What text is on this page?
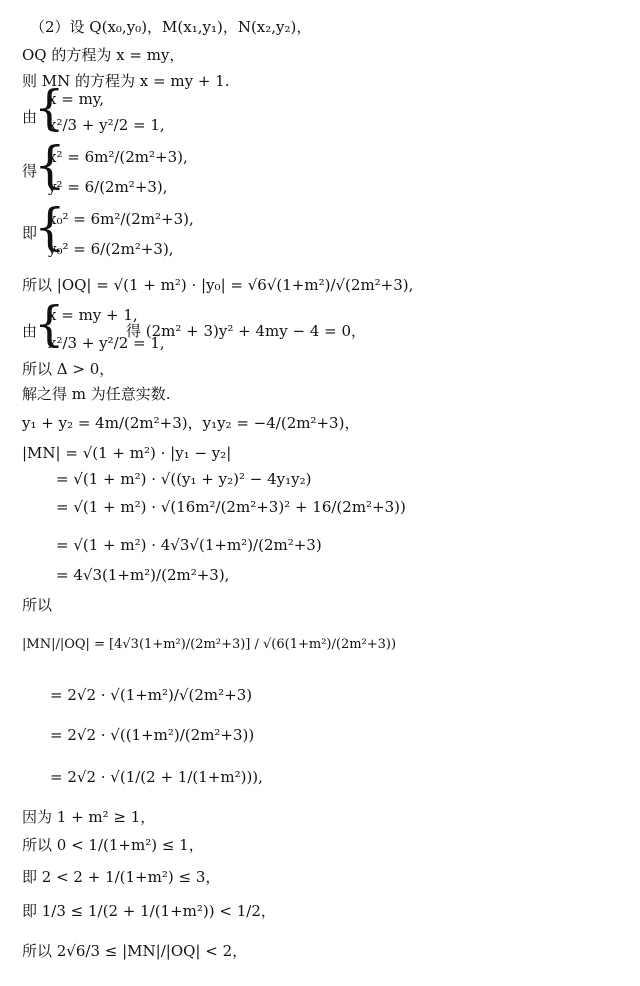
（2）设 Q(x₀,y₀)，M(x₁,y₁)，N(x₂,y₂)，
OQ 的方程为 x = my，
则 MN 的方程为 x = my + 1.
由
{
x = my,
x²/3 + y²/2 = 1,
得
{
x² = 6m²/(2m²+3),
y² = 6/(2m²+3),
即
{
x₀² = 6m²/(2m²+3),
y₀² = 6/(2m²+3),
所以 |OQ| = √(1 + m²) · |y₀| = √6√(1+m²)/√(2m²+3),
由
{
x = my + 1,
x²/3 + y²/2 = 1,
得 (2m² + 3)y² + 4my − 4 = 0，
所以 Δ > 0，
解之得 m 为任意实数.
y₁ + y₂ = 4m/(2m²+3)，y₁y₂ = −4/(2m²+3)，
|MN| = √(1 + m²) · |y₁ − y₂|
= √(1 + m²) · √((y₁ + y₂)² − 4y₁y₂)
= √(1 + m²) · √(16m²/(2m²+3)² + 16/(2m²+3))
= √(1 + m²) · 4√3√(1+m²)/(2m²+3)
= 4√3(1+m²)/(2m²+3),
所以
|MN|/|OQ| = [4√3(1+m²)/(2m²+3)] / √(6(1+m²)/(2m²+3))
= 2√2 · √(1+m²)/√(2m²+3)
= 2√2 · √((1+m²)/(2m²+3))
= 2√2 · √(1/(2 + 1/(1+m²))),
因为 1 + m² ≥ 1，
所以 0 < 1/(1+m²) ≤ 1，
即 2 < 2 + 1/(1+m²) ≤ 3，
即 1/3 ≤ 1/(2 + 1/(1+m²)) < 1/2，
所以 2√6/3 ≤ |MN|/|OQ| < 2，
